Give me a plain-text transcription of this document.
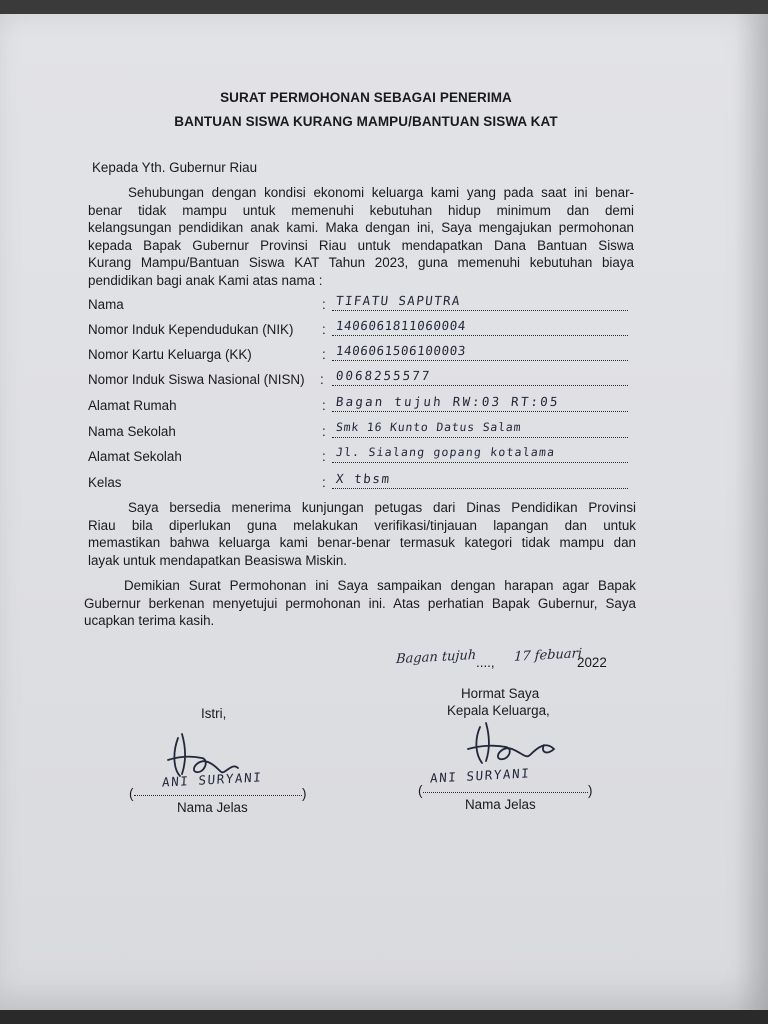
SURAT PERMOHONAN SEBAGAI PENERIMA
BANTUAN SISWA KURANG MAMPU/BANTUAN SISWA KAT
Kepada Yth. Gubernur Riau
Sehubungan dengan kondisi ekonomi keluarga kami yang pada saat ini benar-
benar tidak mampu untuk memenuhi kebutuhan hidup minimum dan demi
kelangsungan pendidikan anak kami. Maka dengan ini, Saya mengajukan permohonan
kepada Bapak Gubernur Provinsi Riau untuk mendapatkan Dana Bantuan Siswa
Kurang Mampu/Bantuan Siswa KAT Tahun 2023, guna memenuhi kebutuhan biaya
pendidikan bagi anak Kami atas nama :
Nama	: TIFATU SAPUTRA
Nomor Induk Kependudukan (NIK) : 1406061811060004
Nomor Kartu Keluarga (KK)	: 1406061506100003
Nomor Induk Siswa Nasional (NISN) : 0068255577
Alamat Rumah	: Bagan tujuh RW:03 RT:05
Nama Sekolah	: Smk 16 Kunto Datus Salam
Alamat Sekolah	: Jl. Sialang gopang kotalama
Kelas	: X tbsm
Saya bersedia menerima kunjungan petugas dari Dinas Pendidikan Provinsi
Riau bila diperlukan guna melakukan verifikasi/tinjauan lapangan dan untuk
memastikan bahwa keluarga kami benar-benar termasuk kategori tidak mampu dan
layak untuk mendapatkan Beasiswa Miskin.
Demikian Surat Permohonan ini Saya sampaikan dengan harapan agar Bapak
Gubernur berkenan menyetujui permohonan ini. Atas perhatian Bapak Gubernur, Saya
ucapkan terima kasih.
Bagan tujuh ...., 17 febuari
2022
Istri,
(
ANI SURYANI
)
Nama Jelas
Hormat Saya
Kepala Keluarga,
(
ANI SURYANI
)
Nama Jelas
